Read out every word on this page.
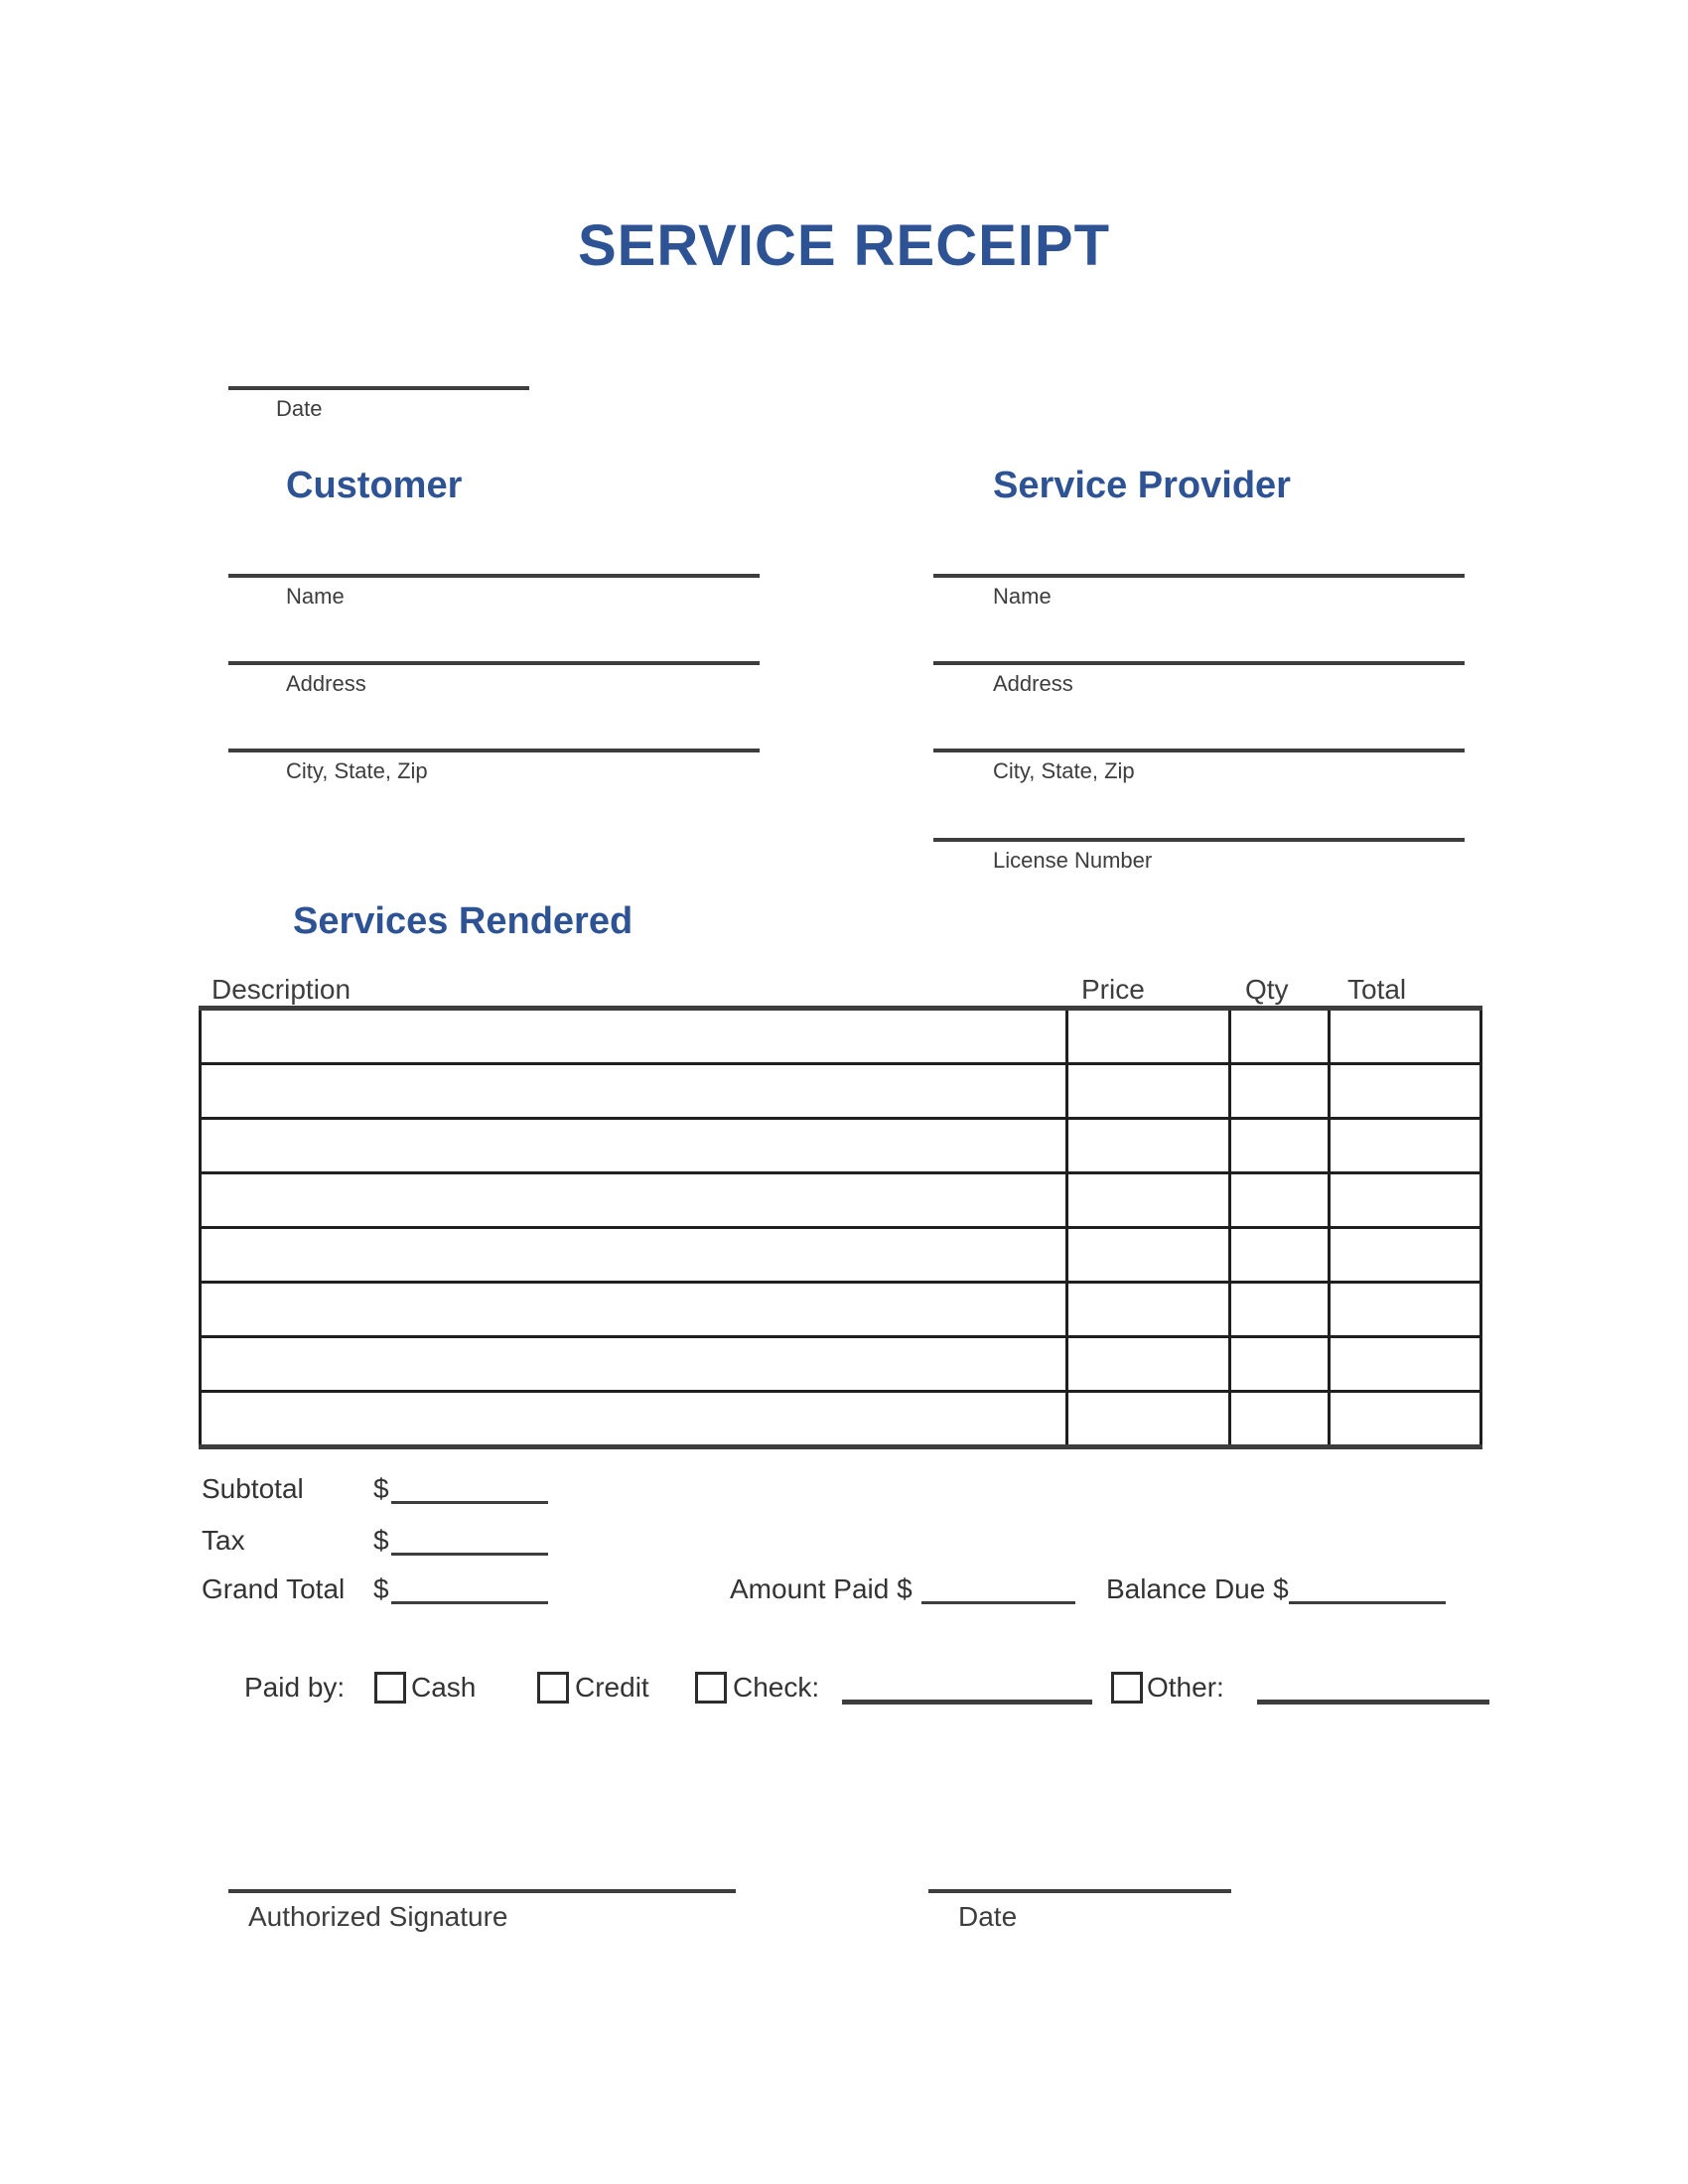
SERVICE RECEIPT
Date
Customer
Name
Address
City, State, Zip
Service Provider
Name
Address
City, State, Zip
License Number
Services Rendered
Description	Price	Qty Total

Subtotal	$
Tax	$
Grand Total $	Amount Paid $	Balance Due $
Paid by: Cash	Credit	Check:	Other:
Authorized Signature	Date
